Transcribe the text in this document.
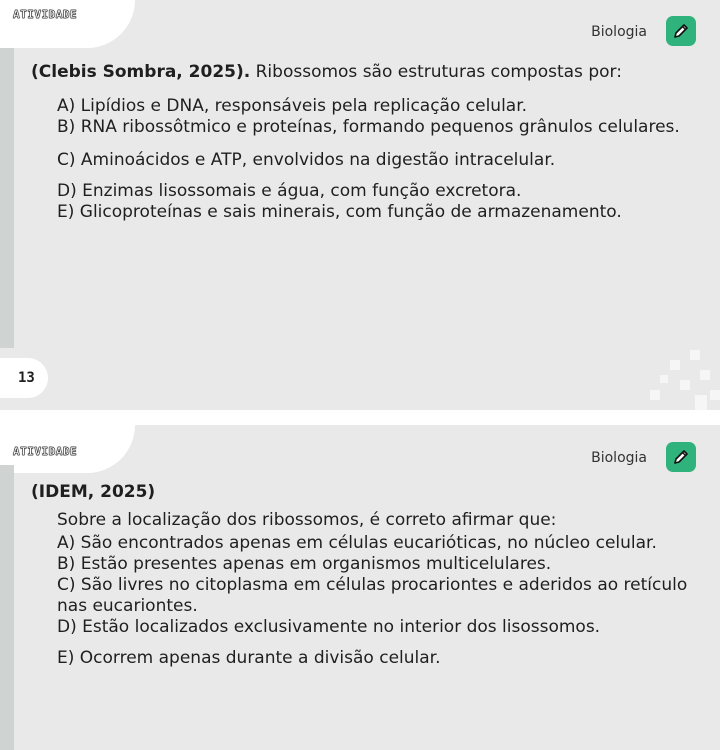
ATIVIDADE
Biologia
(Clebis Sombra, 2025). Ribossomos são estruturas compostas por:
A) Lipídios e DNA, responsáveis pela replicação celular.
B) RNA ribossôtmico e proteínas, formando pequenos grânulos celulares.
C) Aminoácidos e ATP, envolvidos na digestão intracelular.
D) Enzimas lisossomais e água, com função excretora.
E) Glicoproteínas e sais minerais, com função de armazenamento.
13
ATIVIDADE	Biologia
(IDEM, 2025)
Sobre a localização dos ribossomos, é correto afirmar que:
A) São encontrados apenas em células eucarióticas, no núcleo celular.
B) Estão presentes apenas em organismos multicelulares.
C) São livres no citoplasma em células procariontes e aderidos ao retículo nas eucariontes.
D) Estão localizados exclusivamente no interior dos lisossomos.
E) Ocorrem apenas durante a divisão celular.
